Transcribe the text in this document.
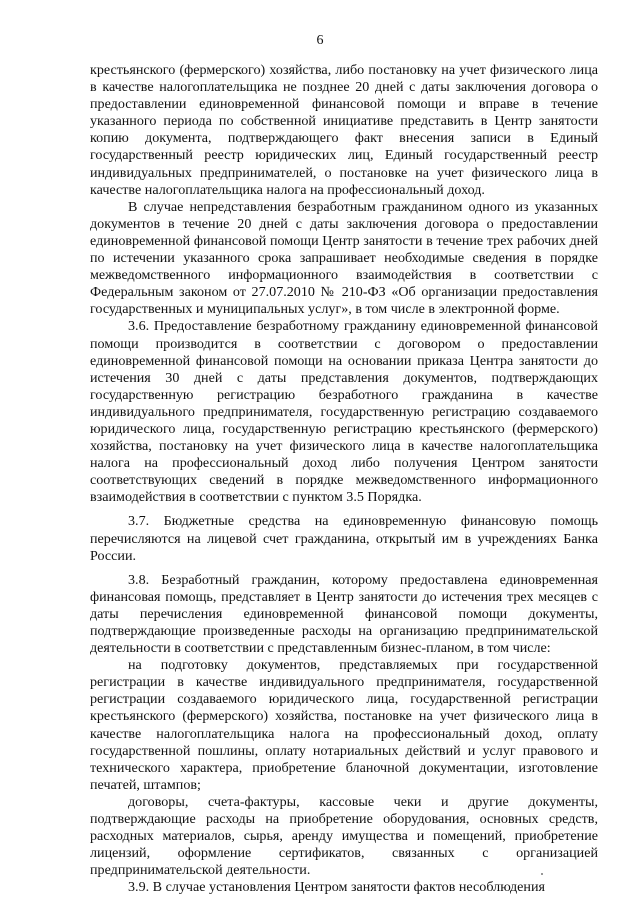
6

крестьянского (фермерского) хозяйства, либо постановку на учет физического лица в качестве налогоплательщика не позднее 20 дней с даты заключения договора о предоставлении единовременной финансовой помощи и вправе в течение указанного периода по собственной инициативе представить в Центр занятости копию документа, подтверждающего факт внесения записи в Единый государственный реестр юридических лиц, Единый государственный реестр индивидуальных предпринимателей, о постановке на учет физического лица в качестве налогоплательщика налога на профессиональный доход.

В случае непредставления безработным гражданином одного из указанных документов в течение 20 дней с даты заключения договора о предоставлении единовременной финансовой помощи Центр занятости в течение трех рабочих дней по истечении указанного срока запрашивает необходимые сведения в порядке межведомственного информационного взаимодействия в соответствии с Федеральным законом от 27.07.2010 № 210-ФЗ «Об организации предоставления государственных и муниципальных услуг», в том числе в электронной форме.

3.6. Предоставление безработному гражданину единовременной финансовой помощи производится в соответствии с договором о предоставлении единовременной финансовой помощи на основании приказа Центра занятости до истечения 30 дней с даты представления документов, подтверждающих государственную регистрацию безработного гражданина в качестве индивидуального предпринимателя, государственную регистрацию создаваемого юридического лица, государственную регистрацию крестьянского (фермерского) хозяйства, постановку на учет физического лица в качестве налогоплательщика налога на профессиональный доход либо получения Центром занятости соответствующих сведений в порядке межведомственного информационного взаимодействия в соответствии с пунктом 3.5 Порядка.

3.7. Бюджетные средства на единовременную финансовую помощь перечисляются на лицевой счет гражданина, открытый им в учреждениях Банка России.

3.8. Безработный гражданин, которому предоставлена единовременная финансовая помощь, представляет в Центр занятости до истечения трех месяцев с даты перечисления единовременной финансовой помощи документы, подтверждающие произведенные расходы на организацию предпринимательской деятельности в соответствии с представленным бизнес-планом, в том числе:

на подготовку документов, представляемых при государственной регистрации в качестве индивидуального предпринимателя, государственной регистрации создаваемого юридического лица, государственной регистрации крестьянского (фермерского) хозяйства, постановке на учет физического лица в качестве налогоплательщика налога на профессиональный доход, оплату государственной пошлины, оплату нотариальных действий и услуг правового и технического характера, приобретение бланочной документации, изготовление печатей, штампов;

договоры, счета-фактуры, кассовые чеки и другие документы, подтверждающие расходы на приобретение оборудования, основных средств, расходных материалов, сырья, аренду имущества и помещений, приобретение лицензий, оформление сертификатов, связанных с организацией предпринимательской деятельности.

3.9. В случае установления Центром занятости фактов несоблюдения
